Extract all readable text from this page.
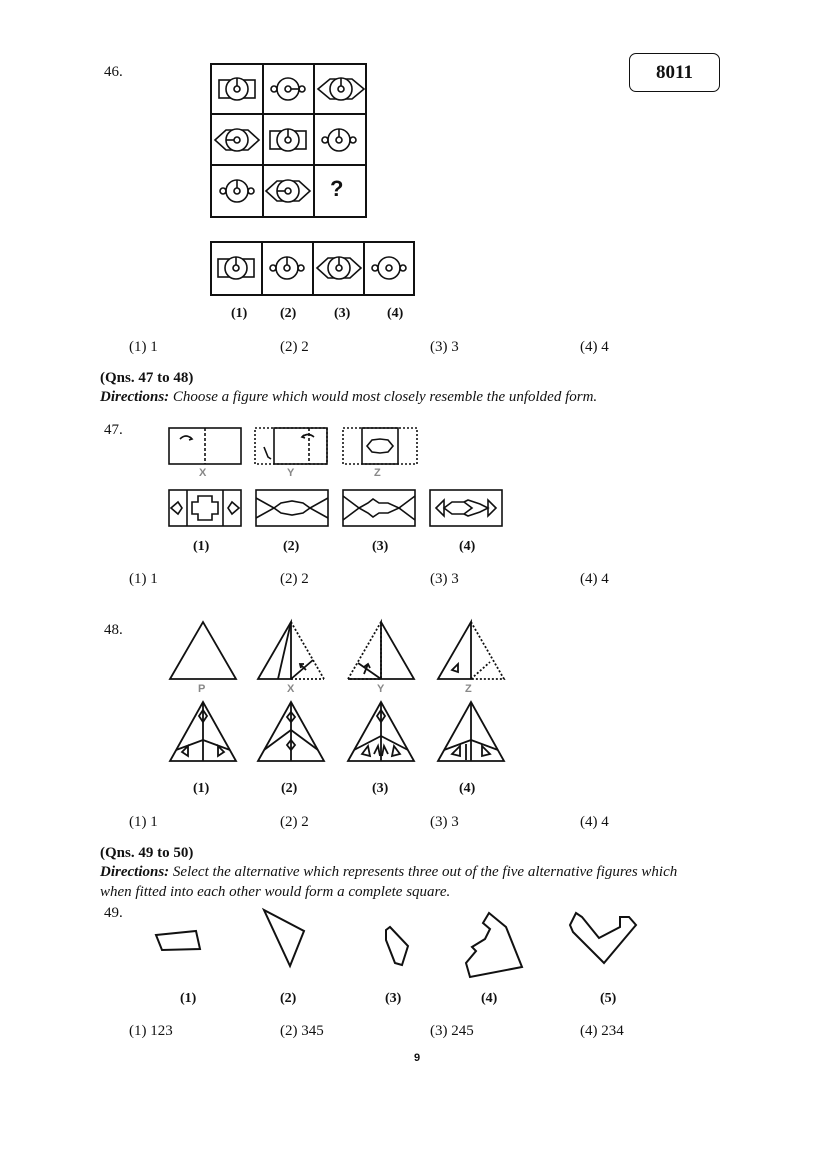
8011
46.
?
(1) (2)	(3)	(4)
(1) 1	(2) 2	(3) 3	(4) 4
(Qns. 47 to 48)
Directions: Choose a figure which would most closely resemble the unfolded form.
47.
X	Y	Z
(1)	(2)	(3)	(4)
(1) 1	(2) 2	(3) 3	(4) 4
48.
P	X	Y	Z
(1)	(2)	(3)	(4)
(1) 1	(2) 2	(3) 3	(4) 4
(Qns. 49 to 50)
Directions: Select the alternative which represents three out of the five alternative figures which
when fitted into each other would form a complete square.
49.
(1)	(2)	(3)	(4)	(5)
(1) 123	(2) 345	(3) 245	(4) 234
9
